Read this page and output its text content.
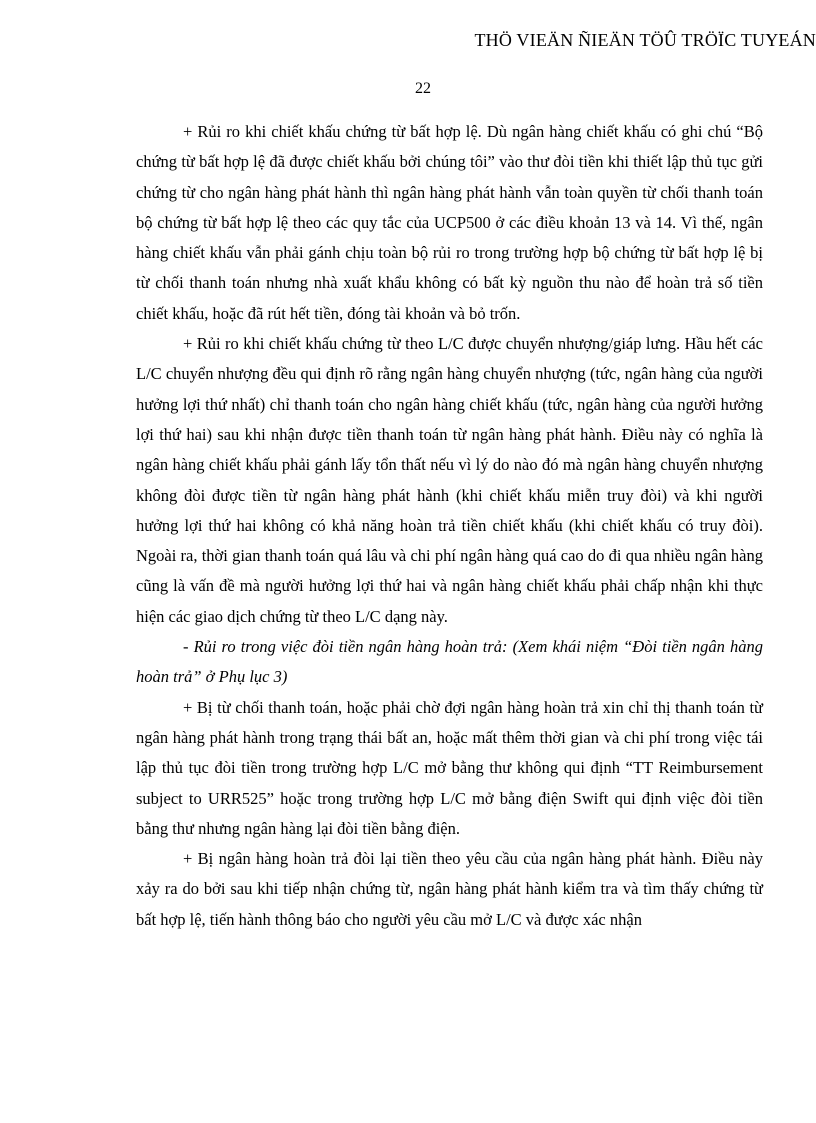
THÖ VIEÄN ÑIEÄN TÖÛ TRÖÏC TUYEÁN
22

+ Rủi ro khi chiết khấu chứng từ bất hợp lệ. Dù ngân hàng chiết khấu có ghi chú “Bộ chứng từ bất hợp lệ đã được chiết khấu bởi chúng tôi” vào thư đòi tiền khi thiết lập thủ tục gửi chứng từ cho ngân hàng phát hành thì ngân hàng phát hành vẫn toàn quyền từ chối thanh toán bộ chứng từ bất hợp lệ theo các quy tắc của UCP500 ở các điều khoản 13 và 14. Vì thế, ngân hàng chiết khấu vẫn phải gánh chịu toàn bộ rủi ro trong trường hợp bộ chứng từ bất hợp lệ bị từ chối thanh toán nhưng nhà xuất khẩu không có bất kỳ nguồn thu nào để hoàn trả số tiền chiết khấu, hoặc đã rút hết tiền, đóng tài khoản và bỏ trốn.

+ Rủi ro khi chiết khấu chứng từ theo L/C được chuyển nhượng/giáp lưng. Hầu hết các L/C chuyển nhượng đều qui định rõ rằng ngân hàng chuyển nhượng (tức, ngân hàng của người hưởng lợi thứ nhất) chỉ thanh toán cho ngân hàng chiết khấu (tức, ngân hàng của người hưởng lợi thứ hai) sau khi nhận được tiền thanh toán từ ngân hàng phát hành. Điều này có nghĩa là ngân hàng chiết khấu phải gánh lấy tổn thất nếu vì lý do nào đó mà ngân hàng chuyển nhượng không đòi được tiền từ ngân hàng phát hành (khi chiết khấu miễn truy đòi) và khi người hưởng lợi thứ hai không có khả năng hoàn trả tiền chiết khấu (khi chiết khấu có truy đòi). Ngoài ra, thời gian thanh toán quá lâu và chi phí ngân hàng quá cao do đi qua nhiều ngân hàng cũng là vấn đề mà người hưởng lợi thứ hai và ngân hàng chiết khấu phải chấp nhận khi thực hiện các giao dịch chứng từ theo L/C dạng này.

- Rủi ro trong việc đòi tiền ngân hàng hoàn trả: (Xem khái niệm “Đòi tiền ngân hàng hoàn trả” ở Phụ lục 3)

+ Bị từ chối thanh toán, hoặc phải chờ đợi ngân hàng hoàn trả xin chỉ thị thanh toán từ ngân hàng phát hành trong trạng thái bất an, hoặc mất thêm thời gian và chi phí trong việc tái lập thủ tục đòi tiền trong trường hợp L/C mở bằng thư không qui định “TT Reimbursement subject to URR525” hoặc trong trường hợp L/C mở bằng điện Swift qui định việc đòi tiền bằng thư nhưng ngân hàng lại đòi tiền bằng điện.

+ Bị ngân hàng hoàn trả đòi lại tiền theo yêu cầu của ngân hàng phát hành. Điều này xảy ra do bởi sau khi tiếp nhận chứng từ, ngân hàng phát hành kiểm tra và tìm thấy chứng từ bất hợp lệ, tiến hành thông báo cho người yêu cầu mở L/C và được xác nhận
